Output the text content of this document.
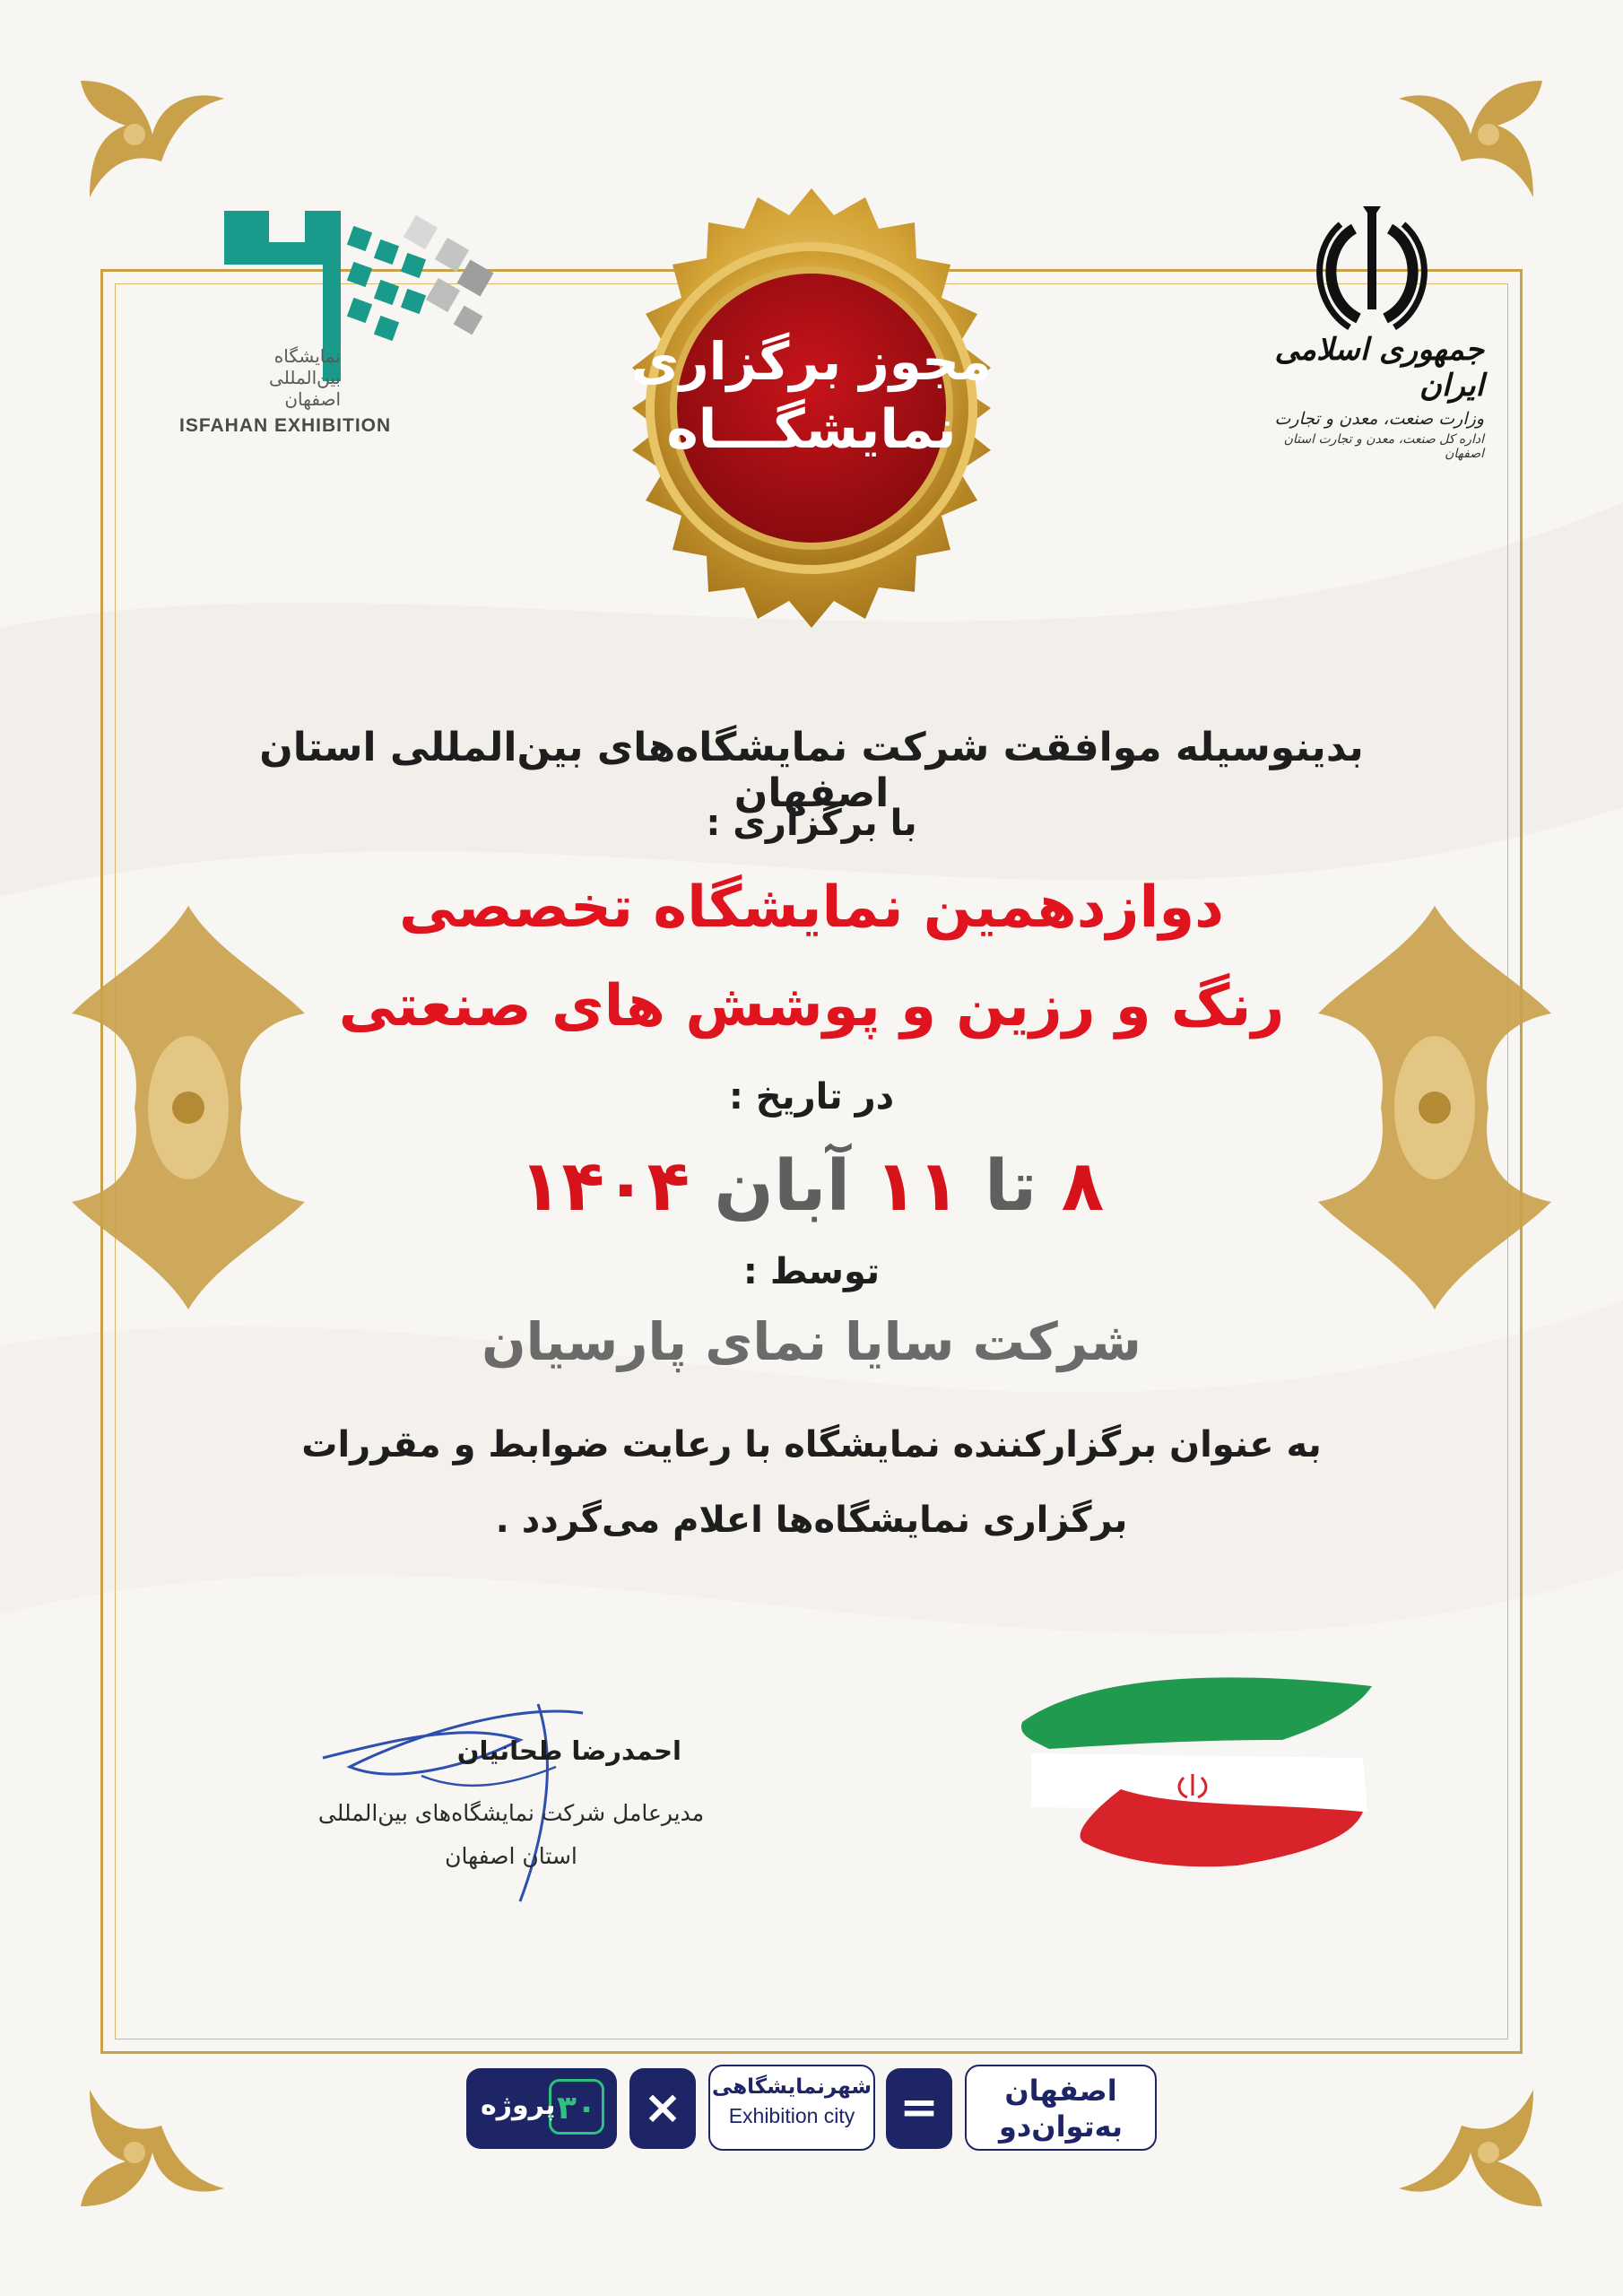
نمایشگاه
بین‌المللی
اصفهان
ISFAHAN EXHIBITION
جمهوری اسلامی ایران
وزارت صنعت، معدن و تجارت
اداره کل صنعت، معدن و تجارت استان اصفهان
مجوز برگزاری
نمایشگـــاه
بدینوسیله موافقت شرکت نمایشگاه‌های بین‌المللی استان اصفهان
با برگزاری :
دوازدهمین نمایشگاه تخصصی
رنگ و رزین و پوشش های صنعتی
در تاریخ :
۸ تا ۱۱ آبان ۱۴۰۴
توسط :
شرکت سایا نمای پارسیان
به عنوان برگزارکننده نمایشگاه با رعایت ضوابط و مقررات
برگزاری نمایشگاه‌ها اعلام می‌گردد .
احمدرضا طحانیان
مدیرعامل شرکت نمایشگاه‌های بین‌المللی
استان اصفهان
۳۰
پروژه ×	شهرنمایشگاهی
Exhibition city =	اصفهان
به‌توان‌دو
